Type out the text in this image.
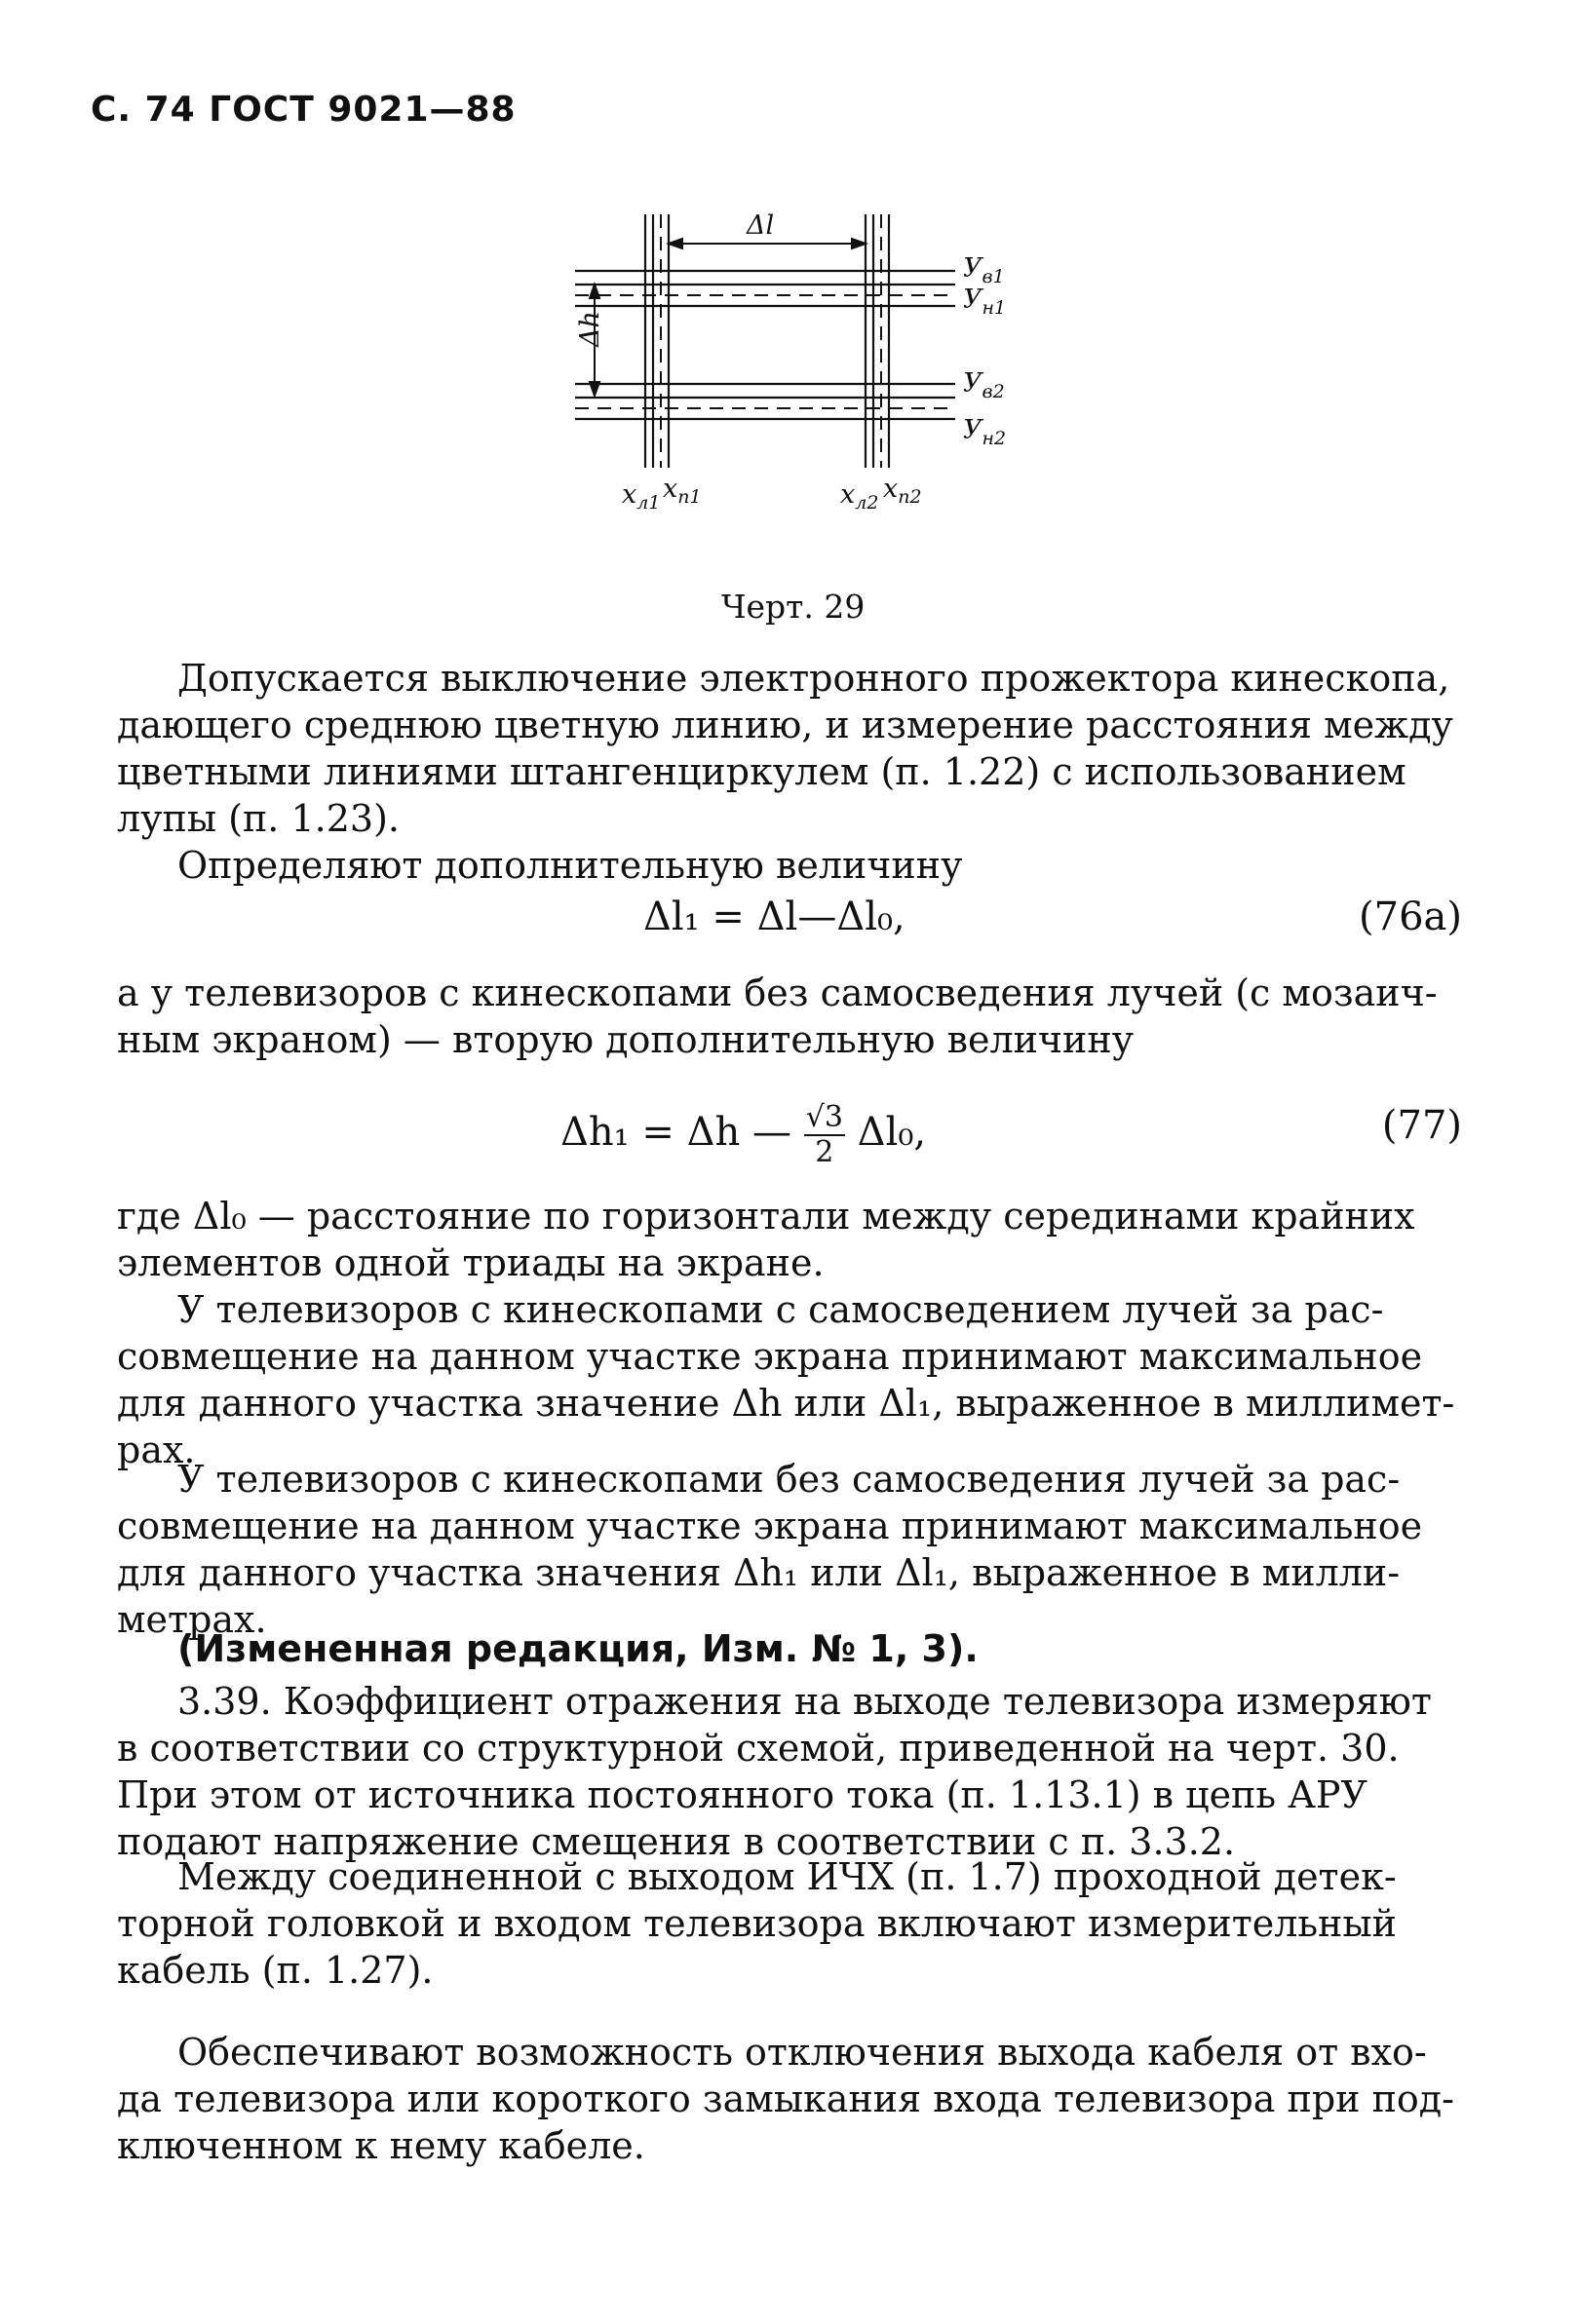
С. 74 ГОСТ 9021—88
Δl
Δh
$У_{в1}$
$У_{н1}$
$У_{в2}$
$У_{н2}$
$x_{л1}$ $x_{п1}$	$x_{л2}$ $x_{п2}$
Черт. 29

Допускается выключение электронного прожектора кинескопа,
дающего среднюю цветную линию, и измерение расстояния между
цветными линиями штангенциркулем (п. 1.22) с использованием
лупы (п. 1.23).

Определяют дополнительную величину

Δl₁ = Δl—Δl₀,	(76а)

а у телевизоров с кинескопами без самосведения лучей (с мозаич-
ным экраном) — вторую дополнительную величину

Δh₁ = Δh — $\frac{√3}{2} \Delta l_0$,	(77)

где Δl₀ — расстояние по горизонтали между серединами крайних
элементов одной триады на экране.

У телевизоров с кинескопами с самосведением лучей за рас-
совмещение на данном участке экрана принимают максимальное
для данного участка значение Δh или Δl₁, выраженное в миллимет-
рах.

У телевизоров с кинескопами без самосведения лучей за рас-
совмещение на данном участке экрана принимают максимальное
для данного участка значения Δh₁ или Δl₁, выраженное в милли-
метрах.

(Измененная редакция, Изм. № 1, 3).

3.39. Коэффициент отражения на выходе телевизора измеряют
в соответствии со структурной схемой, приведенной на черт. 30.
При этом от источника постоянного тока (п. 1.13.1) в цепь АРУ
подают напряжение смещения в соответствии с п. 3.3.2.

Между соединенной с выходом ИЧХ (п. 1.7) проходной детек-
торной головкой и входом телевизора включают измерительный
кабель (п. 1.27).

Обеспечивают возможность отключения выхода кабеля от вхо-
да телевизора или короткого замыкания входа телевизора при под-
ключенном к нему кабеле.
